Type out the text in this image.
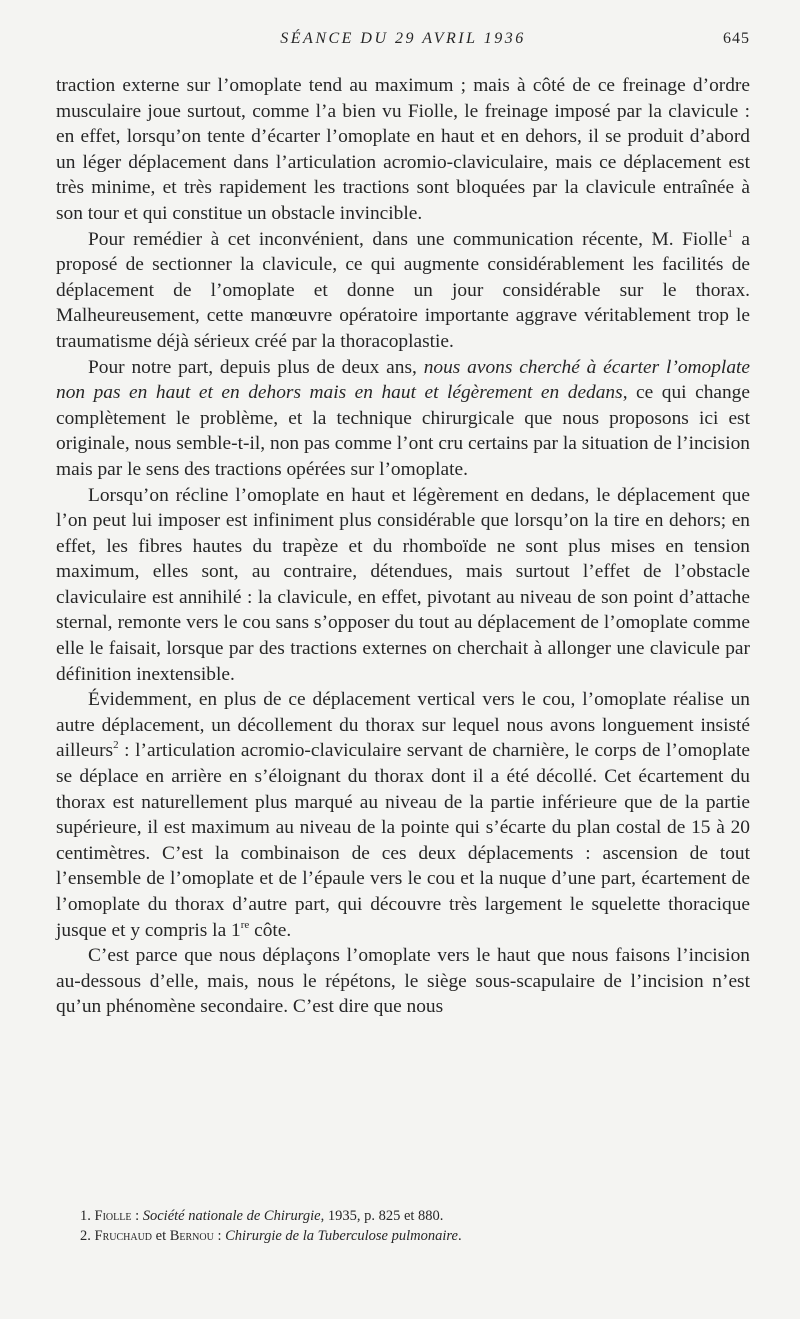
SÉANCE DU 29 AVRIL 1936	645

traction externe sur l’omoplate tend au maximum ; mais à côté de ce freinage d’ordre musculaire joue surtout, comme l’a bien vu Fiolle, le freinage imposé par la clavicule : en effet, lorsqu’on tente d’écarter l’omoplate en haut et en dehors, il se produit d’abord un léger déplacement dans l’articulation acromio-claviculaire, mais ce déplacement est très minime, et très rapidement les tractions sont bloquées par la clavicule entraînée à son tour et qui constitue un obstacle invincible.

Pour remédier à cet inconvénient, dans une communication récente, M. Fiolle$^1$ a proposé de sectionner la clavicule, ce qui augmente considérablement les facilités de déplacement de l’omoplate et donne un jour considérable sur le thorax. Malheureusement, cette manœuvre opératoire importante aggrave véritablement trop le traumatisme déjà sérieux créé par la thoracoplastie.

Pour notre part, depuis plus de deux ans, nous avons cherché à écarter l’omoplate non pas en haut et en dehors mais en haut et légèrement en dedans, ce qui change complètement le problème, et la technique chirurgicale que nous proposons ici est originale, nous semble-t-il, non pas comme l’ont cru certains par la situation de l’incision mais par le sens des tractions opérées sur l’omoplate.

Lorsqu’on récline l’omoplate en haut et légèrement en dedans, le déplacement que l’on peut lui imposer est infiniment plus considérable que lorsqu’on la tire en dehors; en effet, les fibres hautes du trapèze et du rhomboïde ne sont plus mises en tension maximum, elles sont, au contraire, détendues, mais surtout l’effet de l’obstacle claviculaire est annihilé : la clavicule, en effet, pivotant au niveau de son point d’attache sternal, remonte vers le cou sans s’opposer du tout au déplacement de l’omoplate comme elle le faisait, lorsque par des tractions externes on cherchait à allonger une clavicule par définition inextensible.

Évidemment, en plus de ce déplacement vertical vers le cou, l’omoplate réalise un autre déplacement, un décollement du thorax sur lequel nous avons longuement insisté ailleurs$^2$ : l’articulation acromio-claviculaire servant de charnière, le corps de l’omoplate se déplace en arrière en s’éloignant du thorax dont il a été décollé. Cet écartement du thorax est naturellement plus marqué au niveau de la partie inférieure que de la partie supérieure, il est maximum au niveau de la pointe qui s’écarte du plan costal de 15 à 20 centimètres. C’est la combinaison de ces deux déplacements : ascension de tout l’ensemble de l’omoplate et de l’épaule vers le cou et la nuque d’une part, écartement de l’omoplate du thorax d’autre part, qui découvre très largement le squelette thoracique jusque et y compris la 1re côte.

C’est parce que nous déplaçons l’omoplate vers le haut que nous faisons l’incision au-dessous d’elle, mais, nous le répétons, le siège sous-scapulaire de l’incision n’est qu’un phénomène secondaire. C’est dire que nous

1. Fiolle : Société nationale de Chirurgie, 1935, p. 825 et 880.
2. Fruchaud et Bernou : Chirurgie de la Tuberculose pulmonaire.
